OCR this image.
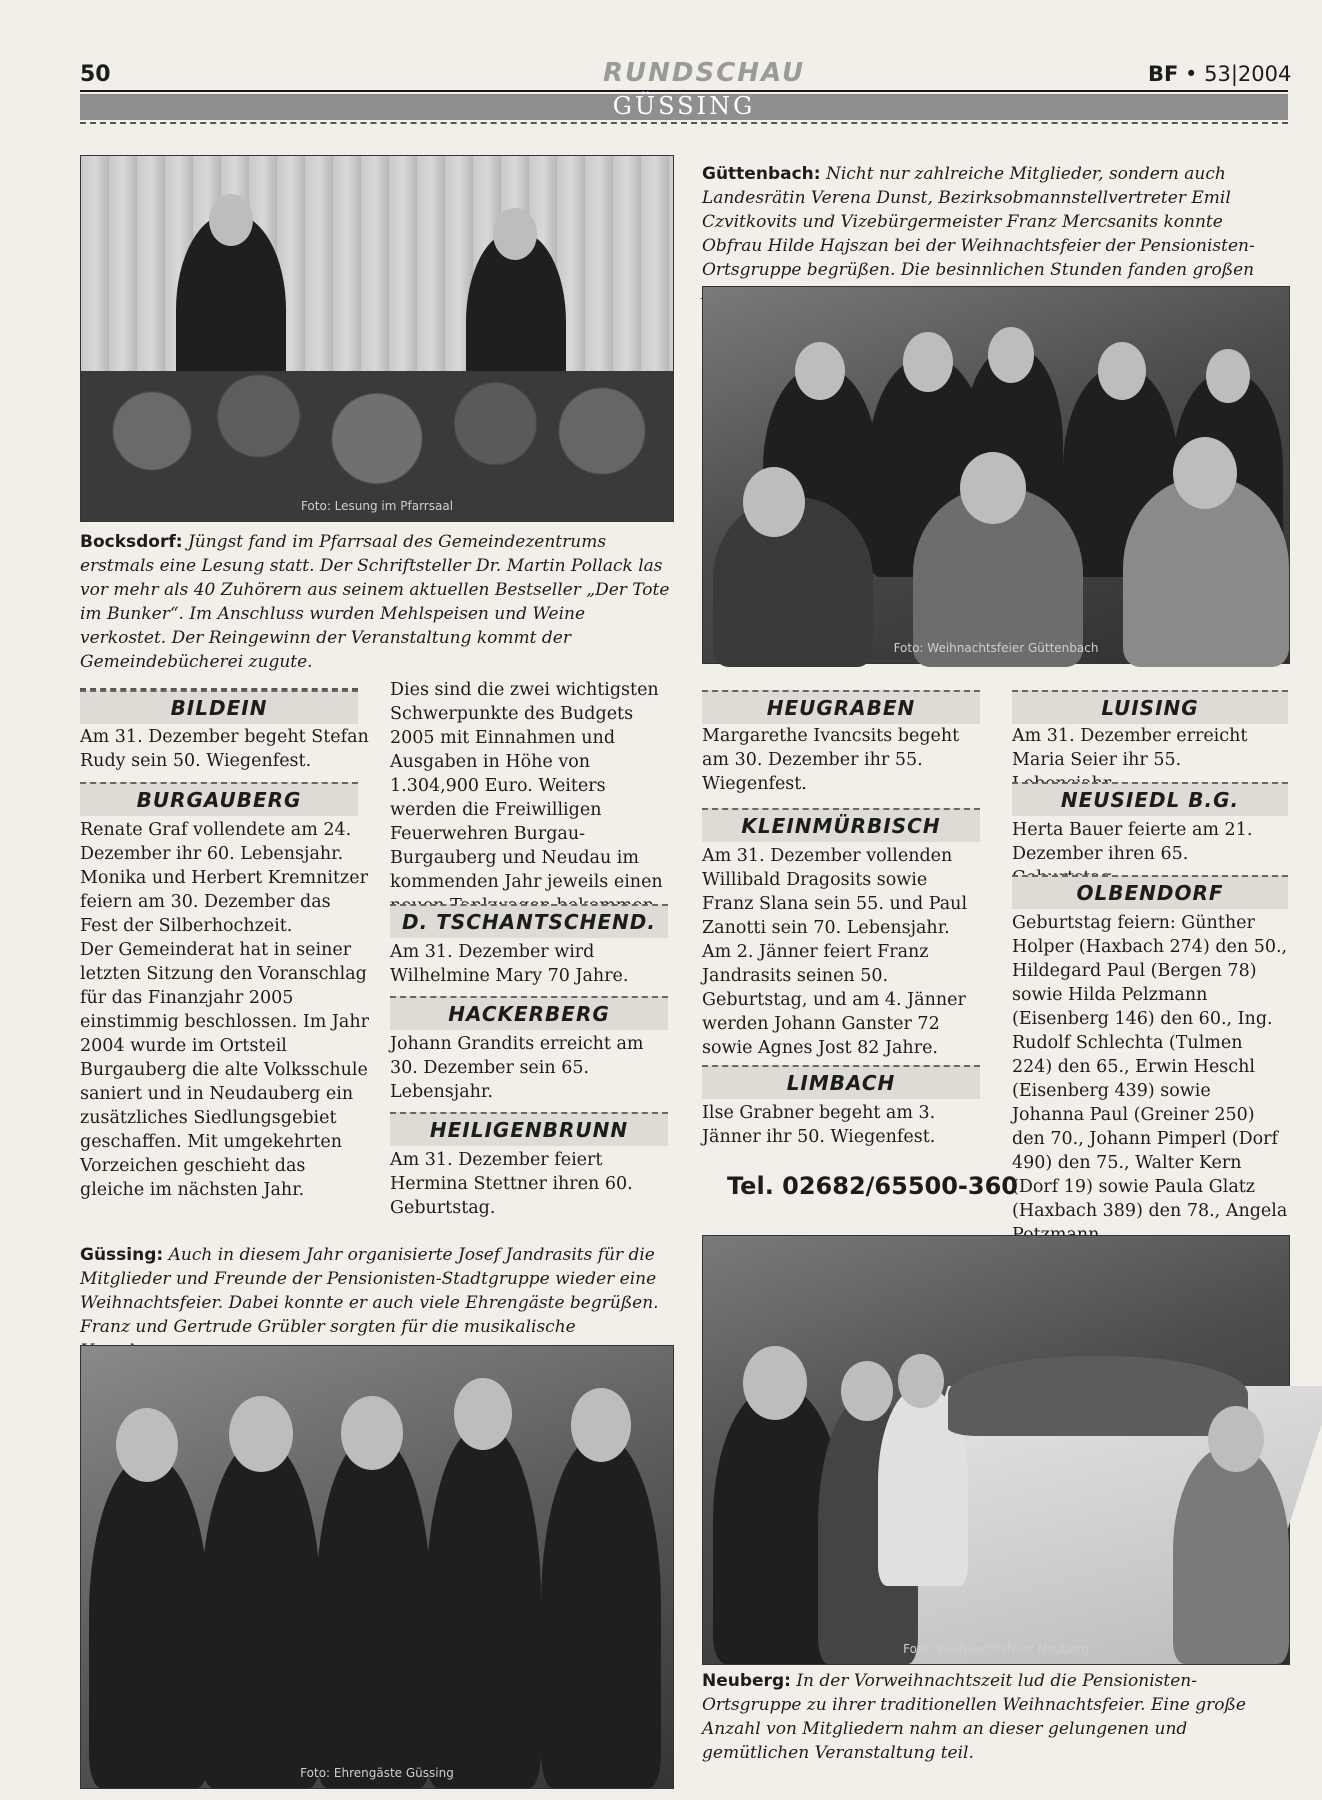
50	RUNDSCHAU	BF • 53|2004
GÜSSING
Foto: Lesung im Pfarrsaal
Bocksdorf: Jüngst fand im Pfarrsaal des Gemeindezentrums erstmals eine Lesung statt. Der Schriftsteller Dr. Martin Pollack las vor mehr als 40 Zuhörern aus seinem aktuellen Bestseller „Der Tote im Bunker“. Im Anschluss wurden Mehlspeisen und Weine verkostet. Der Reingewinn der Veranstaltung kommt der Gemeindebücherei zugute.
Güttenbach: Nicht nur zahlreiche Mitglieder, sondern auch Landesrätin Verena Dunst, Bezirksobmannstellvertreter Emil Czvitkovits und Vizebürgermeister Franz Mercsanits konnte Obfrau Hilde Hajszan bei der Weihnachtsfeier der Pensionisten-Ortsgruppe begrüßen. Die besinnlichen Stunden fanden großen
Foto: Weihnachtsfeier Güttenbach
BILDEIN
Am 31. Dezember begeht Stefan Rudy sein 50. Wiegenfest.
BURGAUBERG
Renate Graf vollendete am 24. Dezember ihr 60. Lebensjahr.
Monika und Herbert Kremnitzer feiern am 30. Dezember das Fest der Silberhochzeit.
Der Gemeinderat hat in seiner letzten Sitzung den Voranschlag für das Finanzjahr 2005 einstimmig beschlossen. Im Jahr 2004 wurde im Ortsteil Burgauberg die alte Volksschule saniert und in Neudauberg ein zusätzliches Siedlungsgebiet geschaffen. Mit umgekehrten Vorzeichen geschieht das gleiche im nächsten Jahr.
Dies sind die zwei wichtigsten Schwerpunkte des Budgets 2005 mit Einnahmen und Ausgaben in Höhe von 1.304,900 Euro. Weiters werden die Freiwilligen Feuerwehren Burgau-Burgauberg und Neudau im kommenden Jahr jeweils einen
D. TSCHANTSCHEND.
Am 31. Dezember wird Wilhelmine Mary 70 Jahre.
HACKERBERG
Johann Grandits erreicht am 30. Dezember sein 65. Lebensjahr.
HEILIGENBRUNN
Am 31. Dezember feiert Hermina Stettner ihren 60. Geburtstag.
HEUGRABEN
Margarethe Ivancsits begeht am 30. Dezember ihr 55. Wiegenfest.
KLEINMÜRBISCH
Am 31. Dezember vollenden Willibald Dragosits sowie Franz Slana sein 55. und Paul Zanotti sein 70. Lebensjahr. Am 2. Jänner feiert Franz Jandrasits seinen 50. Geburtstag, und am 4. Jänner werden Johann Ganster 72 sowie Agnes Jost 82 Jahre.
LIMBACH
Ilse Grabner begeht am 3. Jänner ihr 50. Wiegenfest.
Tel. 02682/65500-360
LUISING
Am 31. Dezember erreicht Maria Seier ihr 55.
NEUSIEDL B.G.
Herta Bauer feierte am 21. Dezember ihren 65.
OLBENDORF
Geburtstag feiern: Günther Holper (Haxbach 274) den 50., Hildegard Paul (Bergen 78) sowie Hilda Pelzmann (Eisenberg 146) den 60., Ing. Rudolf Schlechta (Tulmen 224) den 65., Erwin Heschl (Eisenberg 439) sowie Johanna Paul (Greiner 250) den 70., Johann Pimperl (Dorf 490) den 75., Walter Kern (Dorf 19) sowie Paula Glatz (Haxbach 389) den 78., Angela
Güssing: Auch in diesem Jahr organisierte Josef Jandrasits für die Mitglieder und Freunde der Pensionisten-Stadtgruppe wieder eine Weihnachtsfeier. Dabei konnte er auch viele Ehrengäste begrüßen. Franz und Gertrude Grübler sorgten für die musikalische
Foto: Ehrengäste Güssing
Foto: Weihnachtsfeier Neuberg
Neuberg: In der Vorweihnachtszeit lud die Pensionisten-Ortsgruppe zu ihrer traditionellen Weihnachtsfeier. Eine große Anzahl von Mitgliedern nahm an dieser gelungenen und gemütlichen Veranstaltung teil.
